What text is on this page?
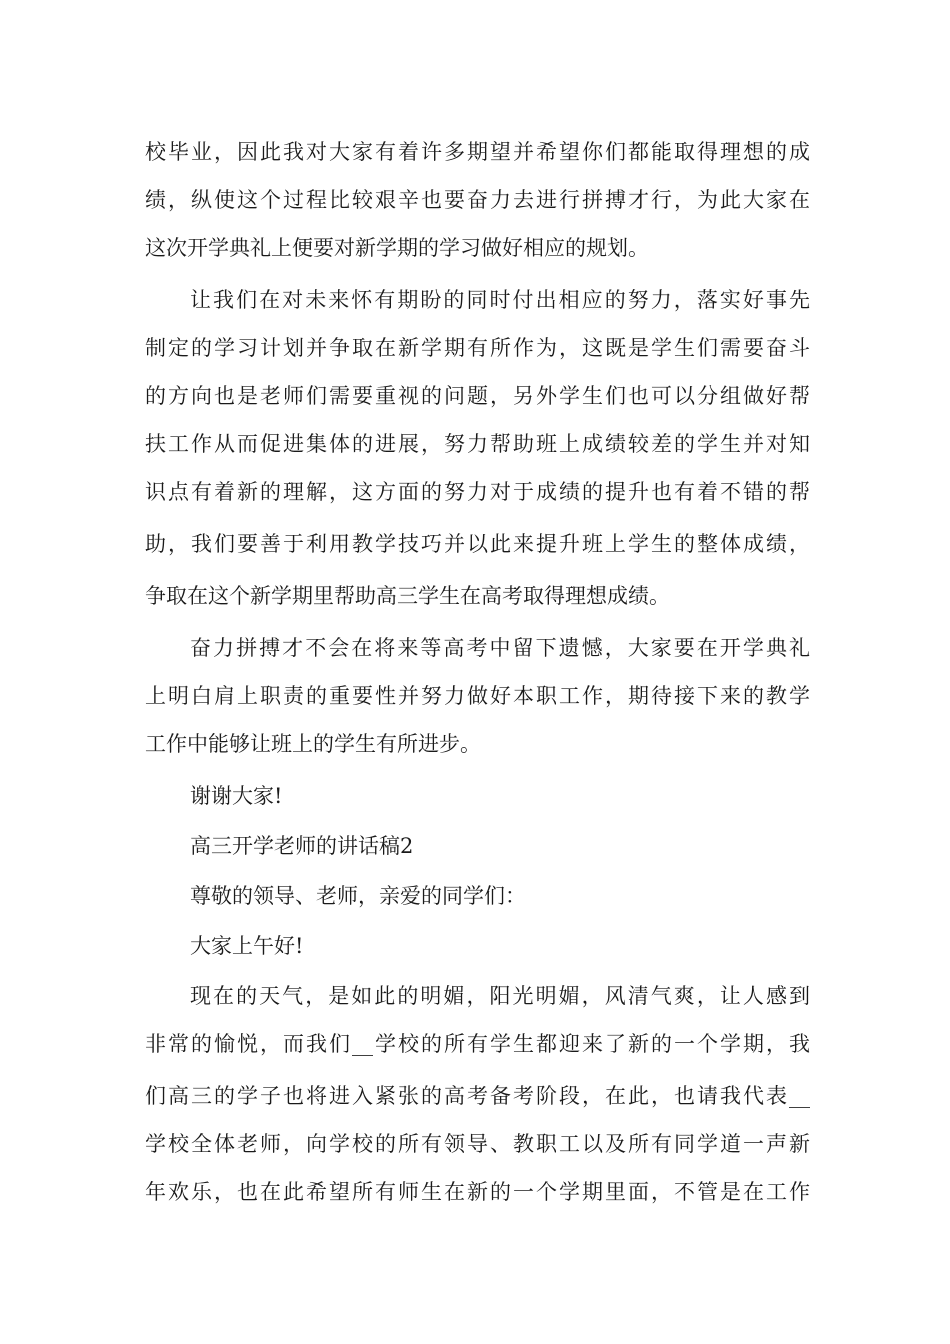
校毕业，因此我对大家有着许多期望并希望你们都能取得理想的成

绩，纵使这个过程比较艰辛也要奋力去进行拼搏才行，为此大家在

这次开学典礼上便要对新学期的学习做好相应的规划。

让我们在对未来怀有期盼的同时付出相应的努力，落实好事先

制定的学习计划并争取在新学期有所作为，这既是学生们需要奋斗

的方向也是老师们需要重视的问题，另外学生们也可以分组做好帮

扶工作从而促进集体的进展，努力帮助班上成绩较差的学生并对知

识点有着新的理解，这方面的努力对于成绩的提升也有着不错的帮

助，我们要善于利用教学技巧并以此来提升班上学生的整体成绩，

争取在这个新学期里帮助高三学生在高考取得理想成绩。

奋力拼搏才不会在将来等高考中留下遗憾，大家要在开学典礼

上明白肩上职责的重要性并努力做好本职工作，期待接下来的教学

工作中能够让班上的学生有所进步。

谢谢大家!

高三开学老师的讲话稿2

尊敬的领导、老师，亲爱的同学们：

大家上午好!

现在的天气，是如此的明媚，阳光明媚，风清气爽，让人感到

非常的愉悦，而我们__学校的所有学生都迎来了新的一个学期，我

们高三的学子也将进入紧张的高考备考阶段，在此，也请我代表__

学校全体老师，向学校的所有领导、教职工以及所有同学道一声新

年欢乐，也在此希望所有师生在新的一个学期里面，不管是在工作
